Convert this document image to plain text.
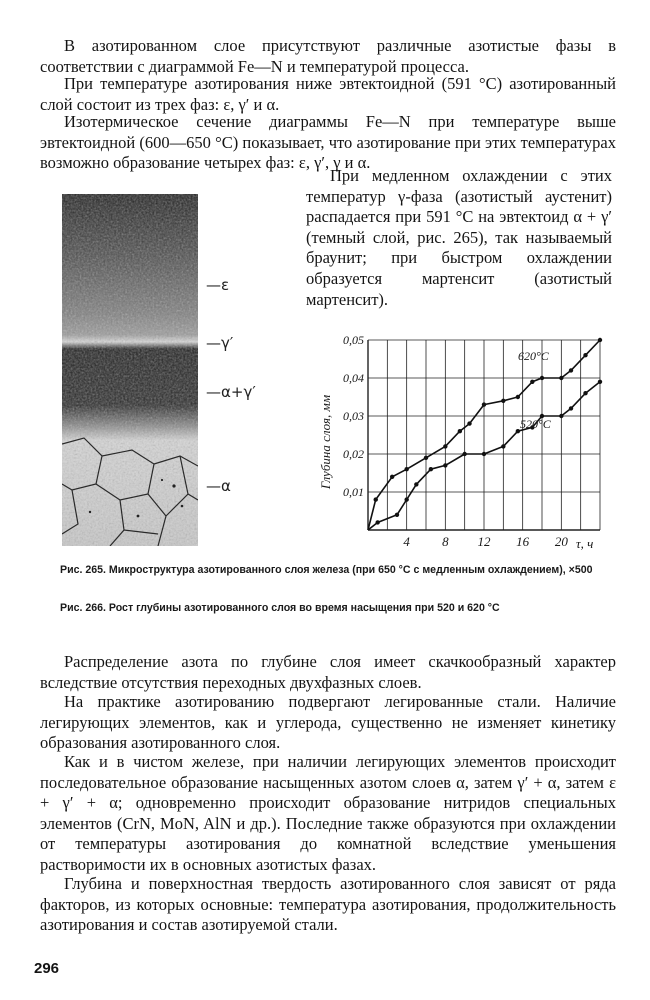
В азотированном слое присутствуют различные азотистые фазы в соответствии с диаграммой Fe—N и температурой процесса.

При температуре азотирования ниже эвтектоидной (591 °С) азотированный слой состоит из трех фаз: ε, γ′ и α.

Изотермическое сечение диаграммы Fe—N при температуре выше эвтектоидной (600—650 °С) показывает, что азотирование при этих температурах возможно образование четырех фаз: ε, γ′, γ и α.

При медленном охлаждении с этих температур γ-фаза (азотистый аустенит) распадается при 591 °С на эвтектоид α + γ′ (темный слой, рис. 265), так называемый браунит; при быстром охлаждении образуется мартенсит (азотистый мартенсит).

—ε
—γ′
—α+γ′
—α
4 8 12 16 20
0,01
0,02
0,03
0,04
0,05
Глубина слоя, мм
τ, ч
620°С
520°С

Рис. 265. Микроструктура азотированного слоя железа (при 650 °С с медленным охлаждением), ×500

Рис. 266. Рост глубины азотированного слоя во время насыщения при 520 и 620 °С

Распределение азота по глубине слоя имеет скачкообразный характер вследствие отсутствия переходных двухфазных слоев.

На практике азотированию подвергают легированные стали. Наличие легирующих элементов, как и углерода, существенно не изменяет кинетику образования азотированного слоя.

Как и в чистом железе, при наличии легирующих элементов происходит последовательное образование насыщенных азотом слоев α, затем γ′ + α, затем ε + γ′ + α; одновременно происходит образование нитридов специальных элементов (CrN, MoN, AlN и др.). Последние также образуются при охлаждении от температуры азотирования до комнатной вследствие уменьшения растворимости их в основных азотистых фазах.

Глубина и поверхностная твердость азотированного слоя зависят от ряда факторов, из которых основные: температура азотирования, продолжительность азотирования и состав азотируемой стали.

296
